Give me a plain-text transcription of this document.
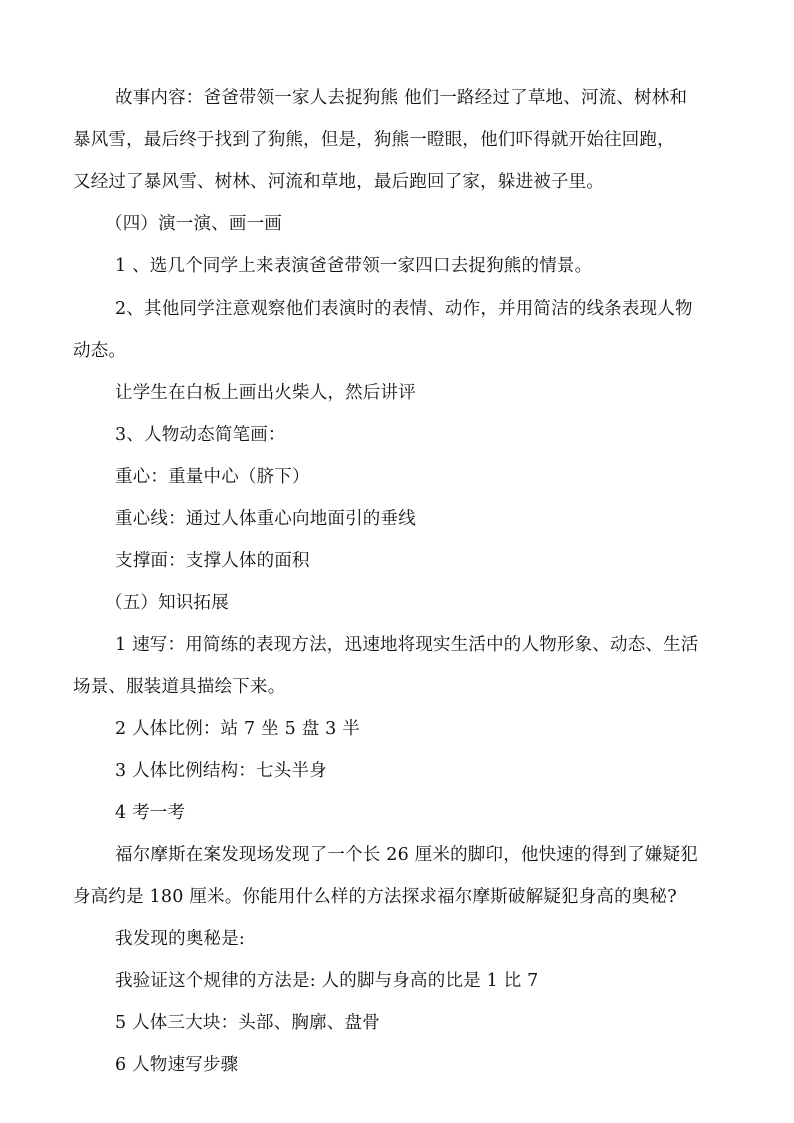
故事内容：爸爸带领一家人去捉狗熊 他们一路经过了草地、河流、树林和
暴风雪，最后终于找到了狗熊，但是，狗熊一瞪眼，他们吓得就开始往回跑，
又经过了暴风雪、树林、河流和草地，最后跑回了家，躲进被子里。
（四）演一演、画一画
1 、选几个同学上来表演爸爸带领一家四口去捉狗熊的情景。
2、其他同学注意观察他们表演时的表情、动作，并用简洁的线条表现人物
动态。
让学生在白板上画出火柴人，然后讲评
3、人物动态简笔画：
重心：重量中心（脐下）
重心线：通过人体重心向地面引的垂线
支撑面：支撑人体的面积
（五）知识拓展
1 速写：用简练的表现方法，迅速地将现实生活中的人物形象、动态、生活
场景、服装道具描绘下来。
2 人体比例：站 7 坐 5 盘 3 半
3 人体比例结构：七头半身
4 考一考
福尔摩斯在案发现场发现了一个长 26 厘米的脚印，他快速的得到了嫌疑犯
身高约是 180 厘米。你能用什么样的方法探求福尔摩斯破解疑犯身高的奥秘?
我发现的奥秘是:
我验证这个规律的方法是: 人的脚与身高的比是 1 比 7
5 人体三大块：头部、胸廓、盘骨
6 人物速写步骤
